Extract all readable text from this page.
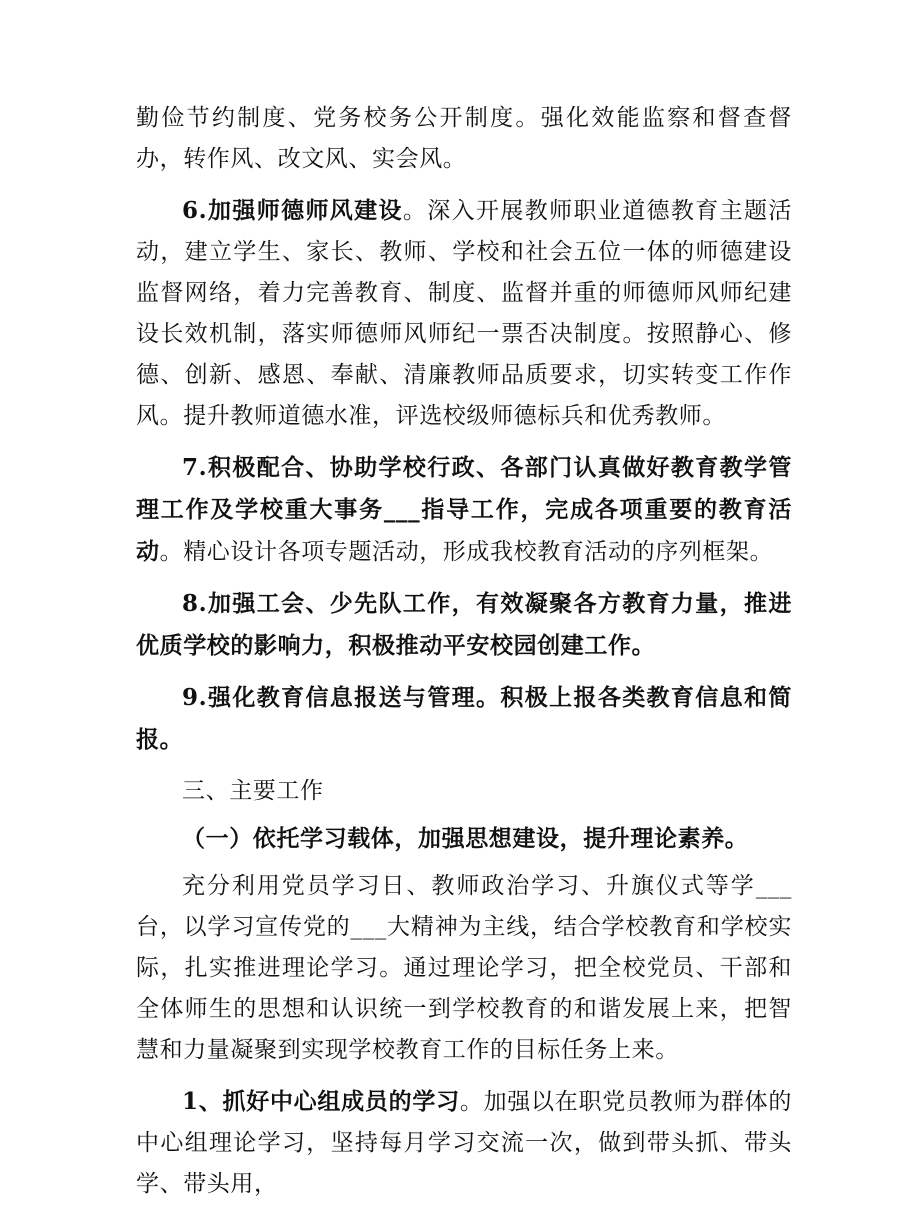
勤俭节约制度、党务校务公开制度。强化效能监察和督查督办，转作风、改文风、实会风。

6.加强师德师风建设。深入开展教师职业道德教育主题活动，建立学生、家长、教师、学校和社会五位一体的师德建设监督网络，着力完善教育、制度、监督并重的师德师风师纪建设长效机制，落实师德师风师纪一票否决制度。按照静心、修德、创新、感恩、奉献、清廉教师品质要求，切实转变工作作风。提升教师道德水准，评选校级师德标兵和优秀教师。

7.积极配合、协助学校行政、各部门认真做好教育教学管理工作及学校重大事务___指导工作，完成各项重要的教育活动。精心设计各项专题活动，形成我校教育活动的序列框架。

8.加强工会、少先队工作，有效凝聚各方教育力量，推进优质学校的影响力，积极推动平安校园创建工作。

9.强化教育信息报送与管理。积极上报各类教育信息和简报。

三、主要工作

（一）依托学习载体，加强思想建设，提升理论素养。

充分利用党员学习日、教师政治学习、升旗仪式等学___台，以学习宣传党的___大精神为主线，结合学校教育和学校实际，扎实推进理论学习。通过理论学习，把全校党员、干部和全体师生的思想和认识统一到学校教育的和谐发展上来，把智慧和力量凝聚到实现学校教育工作的目标任务上来。

1、抓好中心组成员的学习。加强以在职党员教师为群体的中心组理论学习，坚持每月学习交流一次，做到带头抓、带头学、带头用，
